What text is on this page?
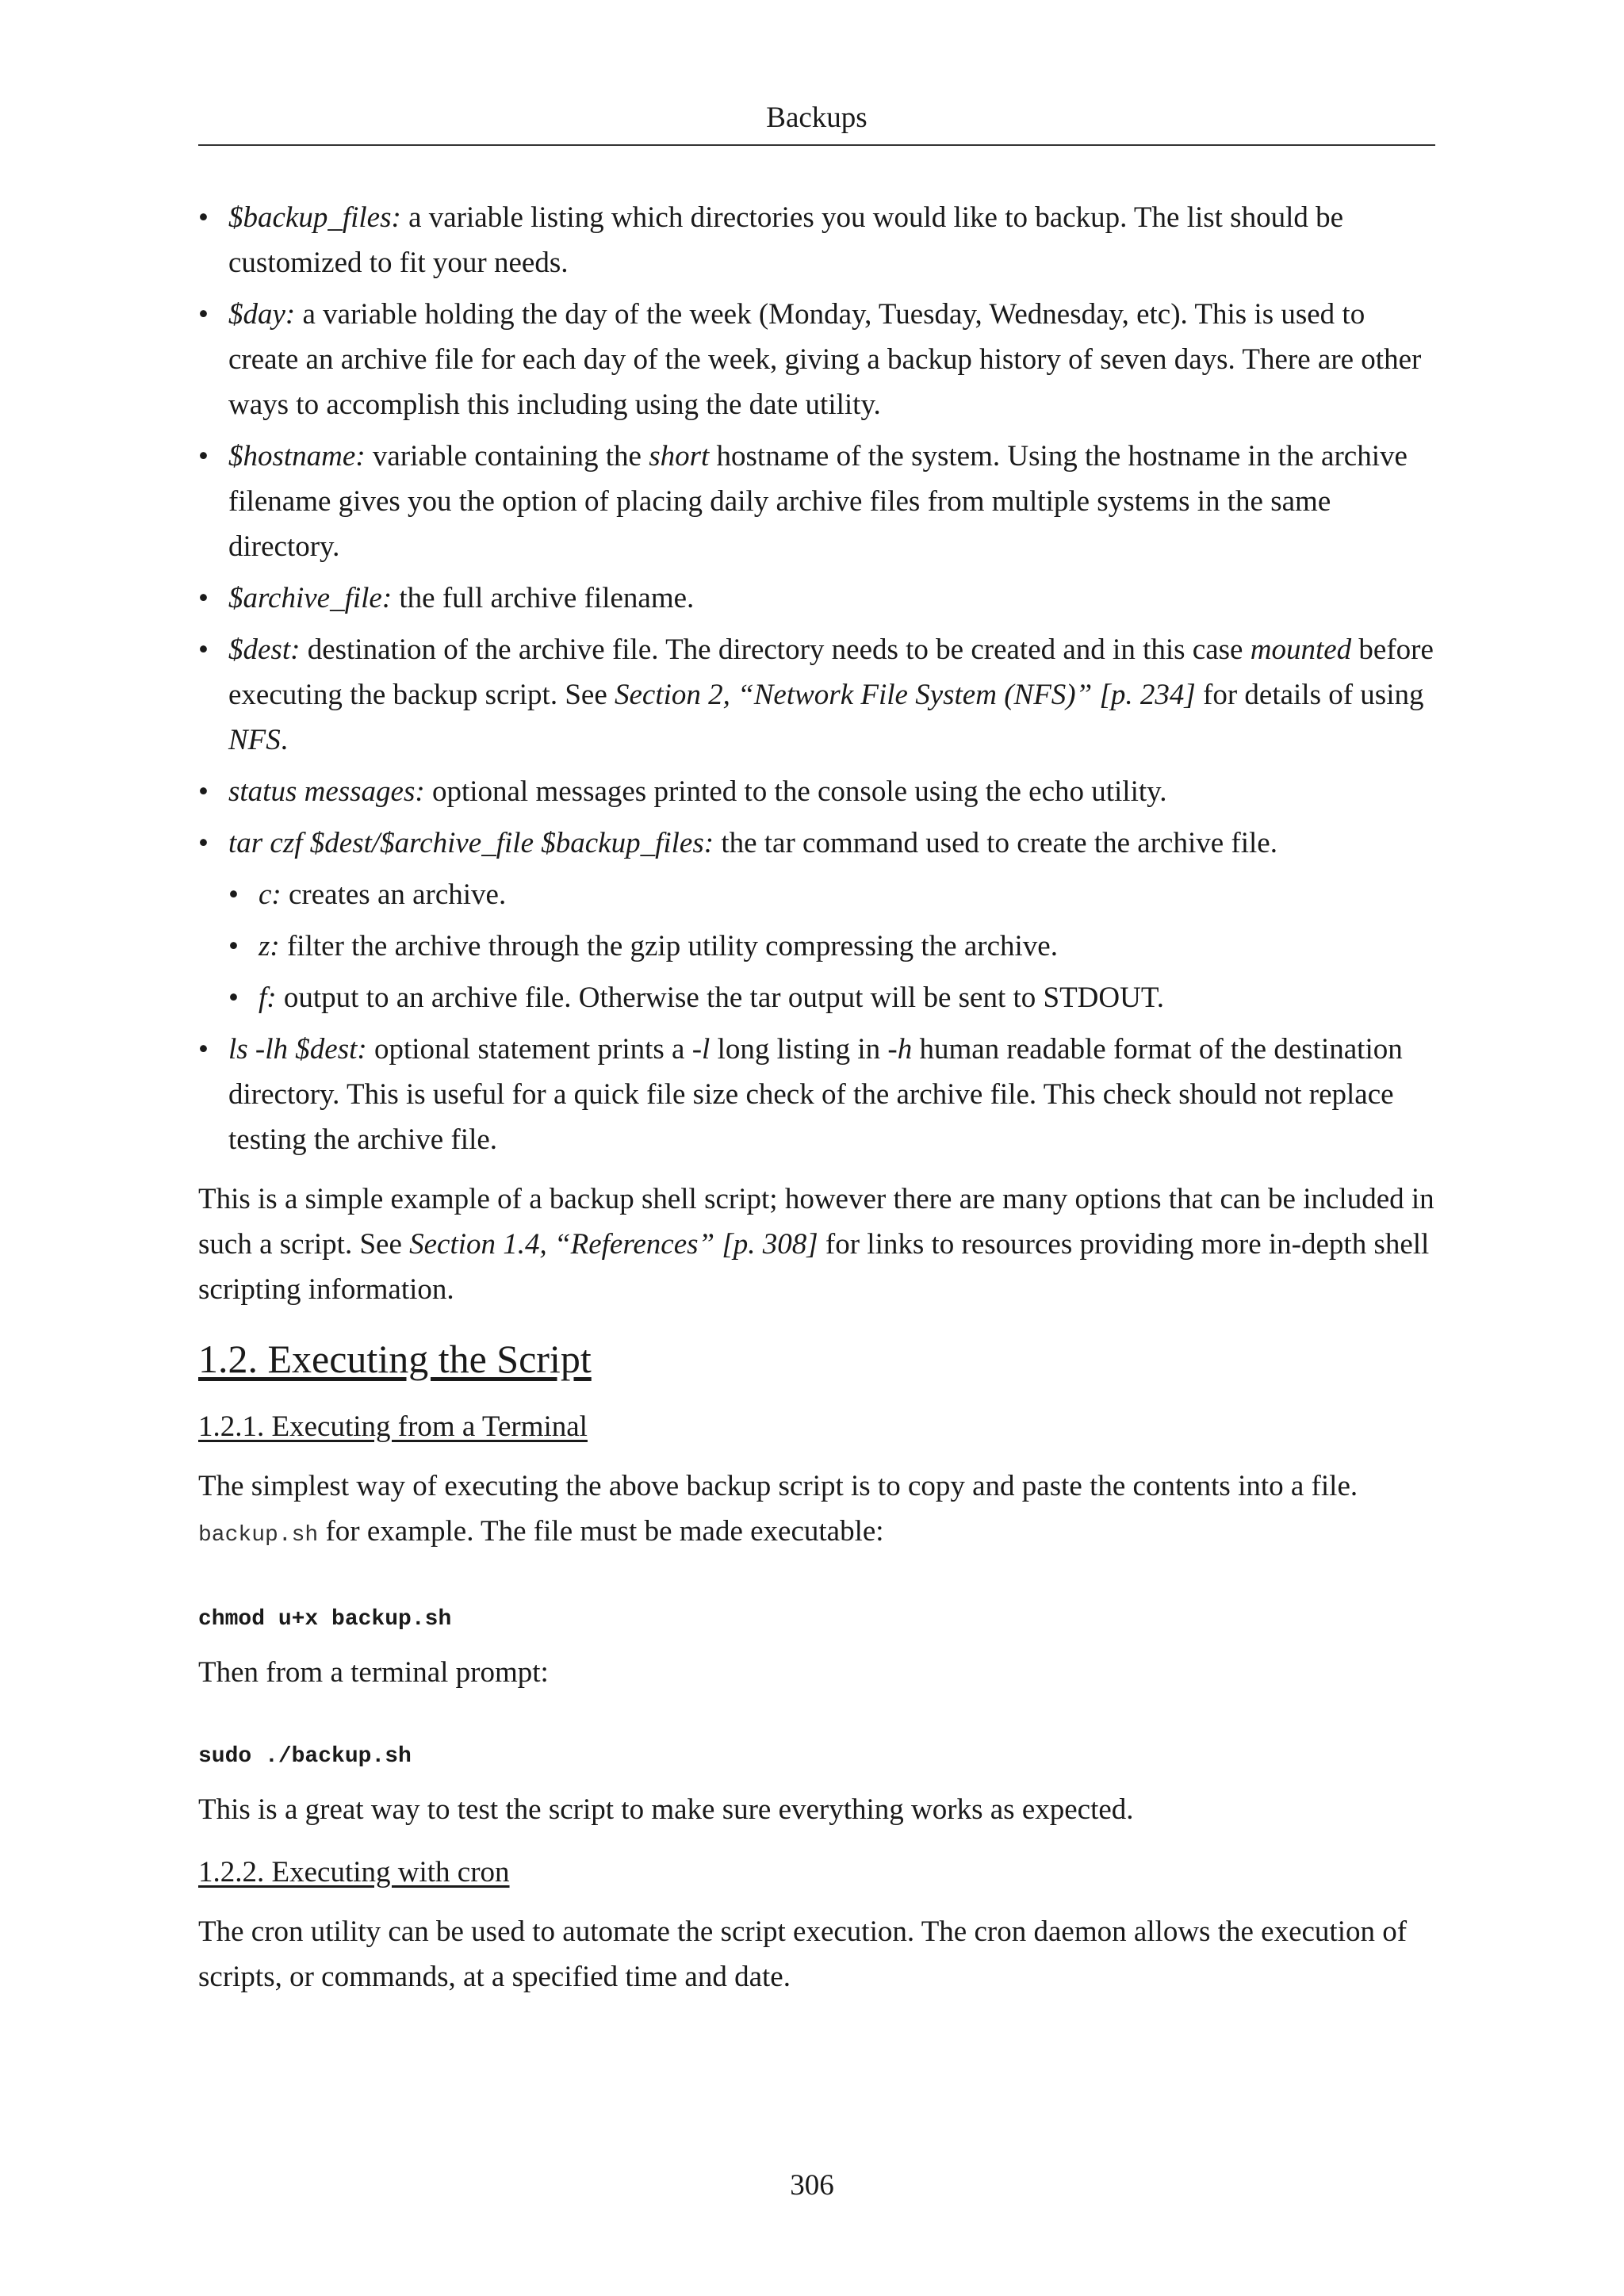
Backups
• $backup_files: a variable listing which directories you would like to backup. The list should be customized to fit your needs.
• $day: a variable holding the day of the week (Monday, Tuesday, Wednesday, etc). This is used to create an archive file for each day of the week, giving a backup history of seven days. There are other ways to accomplish this including using the date utility.
• $hostname: variable containing the short hostname of the system. Using the hostname in the archive filename gives you the option of placing daily archive files from multiple systems in the same directory.
• $archive_file: the full archive filename.
• $dest: destination of the archive file. The directory needs to be created and in this case mounted before executing the backup script. See Section 2, “Network File System (NFS)” [p. 234] for details of using NFS.
• status messages: optional messages printed to the console using the echo utility.
• tar czf $dest/$archive_file $backup_files: the tar command used to create the archive file.
• c: creates an archive.
• z: filter the archive through the gzip utility compressing the archive.
• f: output to an archive file. Otherwise the tar output will be sent to STDOUT.
• ls -lh $dest: optional statement prints a -l long listing in -h human readable format of the destination directory. This is useful for a quick file size check of the archive file. This check should not replace testing the archive file.

This is a simple example of a backup shell script; however there are many options that can be included in such a script. See Section 1.4, “References” [p. 308] for links to resources providing more in-depth shell scripting information.

1.2. Executing the Script
1.2.1. Executing from a Terminal

The simplest way of executing the above backup script is to copy and paste the contents into a file. backup.sh for example. The file must be made executable:

chmod u+x backup.sh

Then from a terminal prompt:

sudo ./backup.sh

This is a great way to test the script to make sure everything works as expected.

1.2.2. Executing with cron

The cron utility can be used to automate the script execution. The cron daemon allows the execution of scripts, or commands, at a specified time and date.

306
